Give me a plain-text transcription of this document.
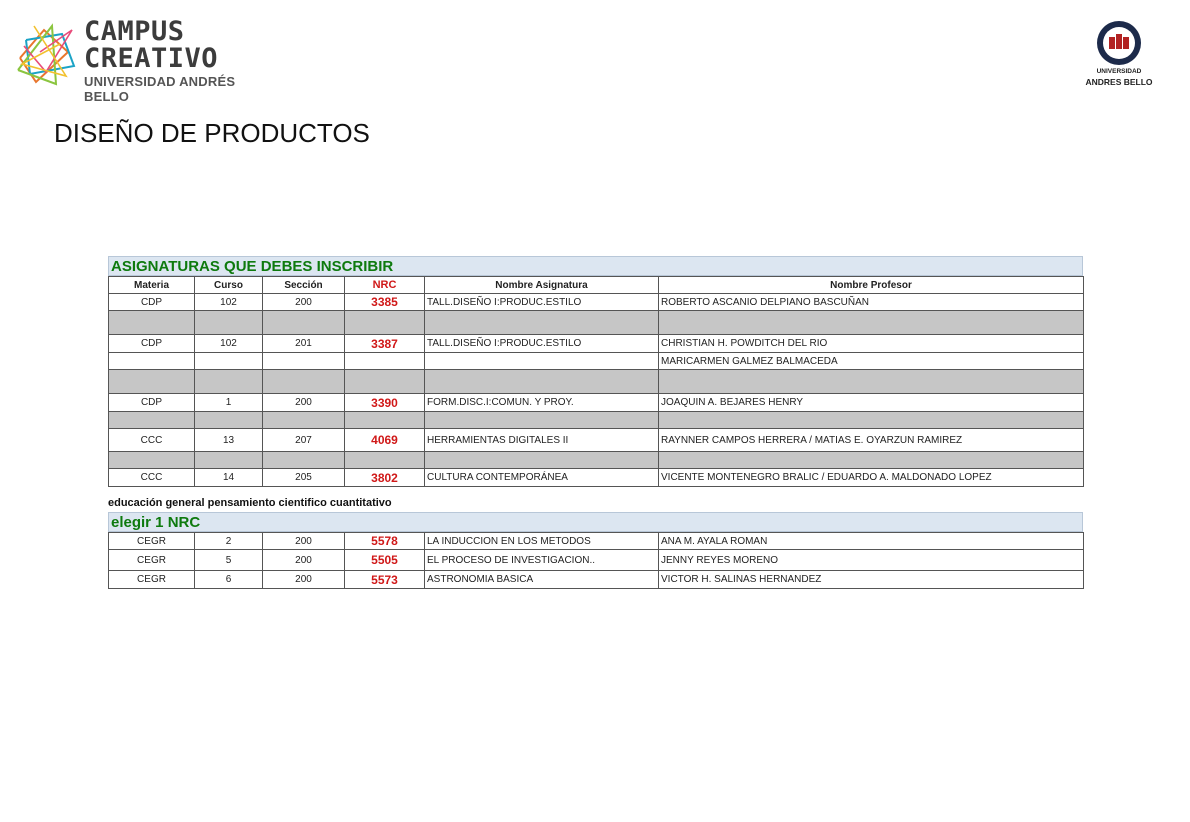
CAMPUS
CREATIVO
UNIVERSIDAD ANDRÉS BELLO
UNIVERSIDAD
ANDRES BELLO
DISEÑO DE PRODUCTOS
ASIGNATURAS QUE DEBES INSCRIBIR
Materia	Curso	Sección	NRC	Nombre Asignatura	Nombre Profesor
CDP	102	200	3385	TALL.DISEÑO I:PRODUC.ESTILO	ROBERTO ASCANIO DELPIANO BASCUÑAN

CDP	102	201	3387	TALL.DISEÑO I:PRODUC.ESTILO	CHRISTIAN H. POWDITCH DEL RIO
					MARICARMEN GALMEZ BALMACEDA

CDP	1	200	3390	FORM.DISC.I:COMUN. Y PROY.	JOAQUIN A. BEJARES HENRY

CCC	13	207	4069	HERRAMIENTAS DIGITALES II	RAYNNER CAMPOS HERRERA / MATIAS E. OYARZUN RAMIREZ

CCC	14	205	3802	CULTURA CONTEMPORÁNEA	VICENTE MONTENEGRO BRALIC / EDUARDO A. MALDONADO LOPEZ

educación general pensamiento cientifico cuantitativo

elegir 1 NRC
CEGR	2	200	5578	LA INDUCCION EN LOS METODOS	ANA M. AYALA ROMAN
CEGR	5	200	5505	EL PROCESO DE INVESTIGACION..	JENNY REYES MORENO
CEGR	6	200	5573	ASTRONOMIA BASICA	VICTOR H. SALINAS HERNANDEZ
